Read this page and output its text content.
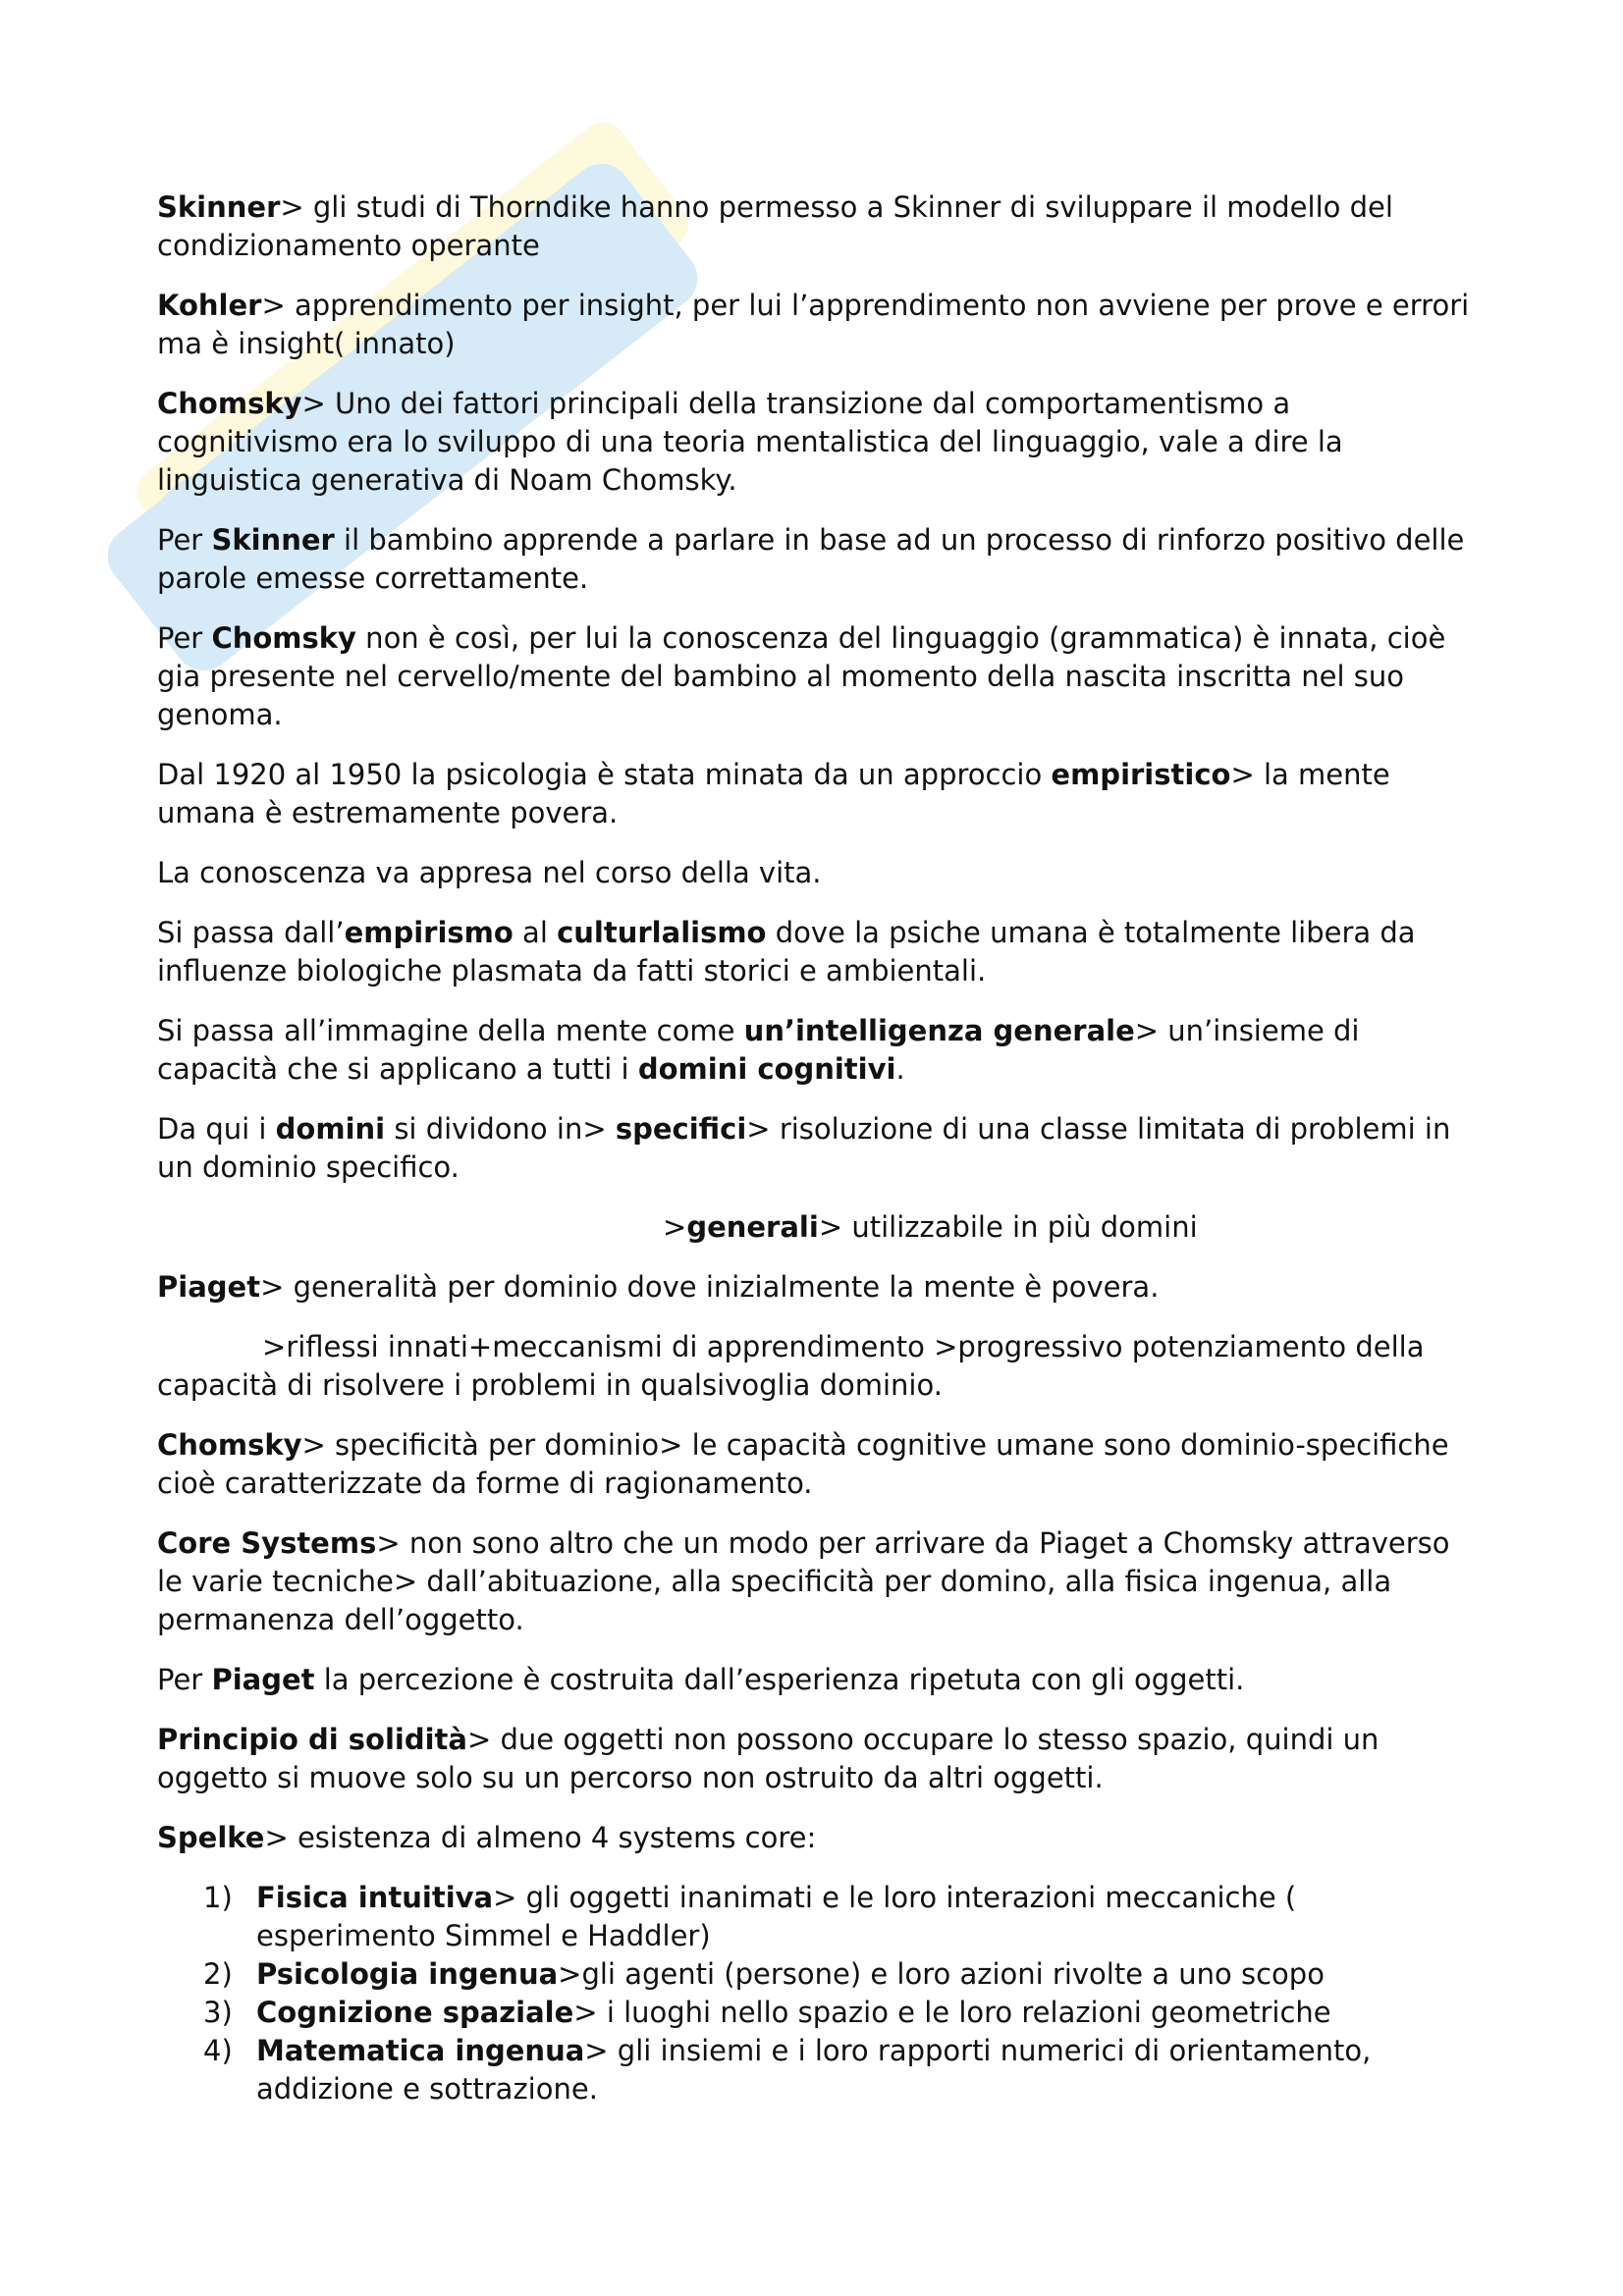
Skinner> gli studi di Thorndike hanno permesso a Skinner di sviluppare il modello del condizionamento operante

Kohler> apprendimento per insight, per lui l’apprendimento non avviene per prove e errori ma è insight( innato)

Chomsky> Uno dei fattori principali della transizione dal comportamentismo a cognitivismo era lo sviluppo di una teoria mentalistica del linguaggio, vale a dire la linguistica generativa di Noam Chomsky.

Per Skinner il bambino apprende a parlare in base ad un processo di rinforzo positivo delle parole emesse correttamente.

Per Chomsky non è così, per lui la conoscenza del linguaggio (grammatica) è innata, cioè gia presente nel cervello/mente del bambino al momento della nascita inscritta nel suo genoma.

Dal 1920 al 1950 la psicologia è stata minata da un approccio empiristico> la mente umana è estremamente povera.

La conoscenza va appresa nel corso della vita.

Si passa dall’empirismo al culturlalismo dove la psiche umana è totalmente libera da influenze biologiche plasmata da fatti storici e ambientali.

Si passa all’immagine della mente come un’intelligenza generale> un’insieme di capacità che si applicano a tutti i domini cognitivi.

Da qui i domini si dividono in> specifici> risoluzione di una classe limitata di problemi in un dominio specifico.

>generali> utilizzabile in più domini

Piaget> generalità per dominio dove inizialmente la mente è povera.

>riflessi innati+meccanismi di apprendimento >progressivo potenziamento della capacità di risolvere i problemi in qualsivoglia dominio.

Chomsky> specificità per dominio> le capacità cognitive umane sono dominio-specifiche cioè caratterizzate da forme di ragionamento.

Core Systems> non sono altro che un modo per arrivare da Piaget a Chomsky attraverso le varie tecniche> dall’abituazione, alla specificità per domino, alla fisica ingenua, alla permanenza dell’oggetto.

Per Piaget la percezione è costruita dall’esperienza ripetuta con gli oggetti.

Principio di solidità> due oggetti non possono occupare lo stesso spazio, quindi un oggetto si muove solo su un percorso non ostruito da altri oggetti.

Spelke> esistenza di almeno 4 systems core:

1) Fisica intuitiva> gli oggetti inanimati e le loro interazioni meccaniche ( esperimento Simmel e Haddler)
2) Psicologia ingenua>gli agenti (persone) e loro azioni rivolte a uno scopo
3) Cognizione spaziale> i luoghi nello spazio e le loro relazioni geometriche
4) Matematica ingenua> gli insiemi e i loro rapporti numerici di orientamento, addizione e sottrazione.
